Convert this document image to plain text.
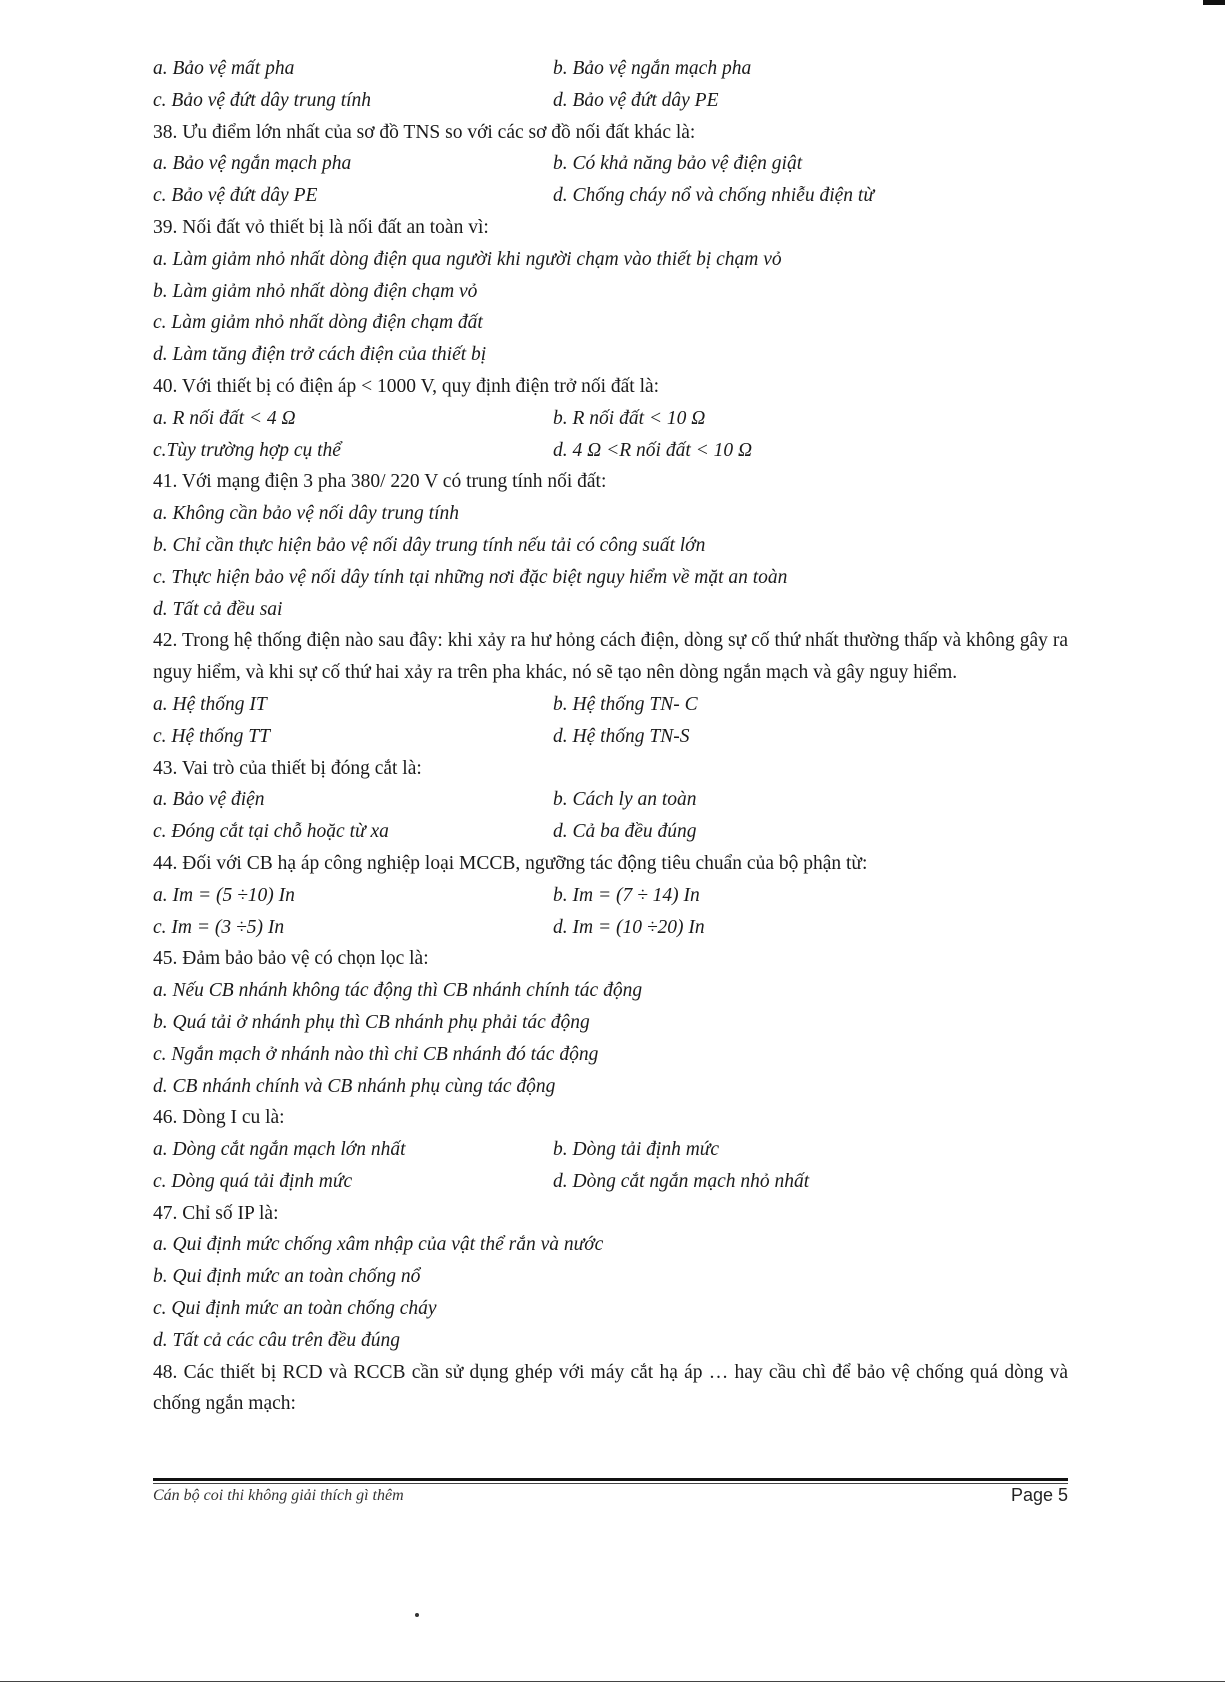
a. Bảo vệ mất pha	b. Bảo vệ ngắn mạch pha
c. Bảo vệ đứt dây trung tính	d. Bảo vệ đứt dây PE
38. Ưu điểm lớn nhất của sơ đồ TNS so với các sơ đồ nối đất khác là:
a. Bảo vệ ngắn mạch pha	b. Có khả năng bảo vệ điện giật
c. Bảo vệ đứt dây PE	d. Chống cháy nổ và chống nhiễu điện từ
39. Nối đất vỏ thiết bị là nối đất an toàn vì:
a. Làm giảm nhỏ nhất dòng điện qua người khi người chạm vào thiết bị chạm vỏ
b. Làm giảm nhỏ nhất dòng điện chạm vỏ
c. Làm giảm nhỏ nhất dòng điện chạm đất
d. Làm tăng điện trở cách điện của thiết bị
40. Với thiết bị có điện áp < 1000 V, quy định điện trở nối đất là:
a. R nối đất < 4 Ω	b. R nối đất < 10 Ω
c.Tùy trường hợp cụ thể	d. 4 Ω <R nối đất < 10 Ω
41. Với mạng điện 3 pha 380/ 220 V có trung tính nối đất:
a. Không cần bảo vệ nối dây trung tính
b. Chỉ cần thực hiện bảo vệ nối dây trung tính nếu tải có công suất lớn
c. Thực hiện bảo vệ nối dây tính tại những nơi đặc biệt nguy hiểm về mặt an toàn
d. Tất cả đều sai
42. Trong hệ thống điện nào sau đây: khi xảy ra hư hỏng cách điện, dòng sự cố thứ nhất thường thấp và không gây ra nguy hiểm, và khi sự cố thứ hai xảy ra trên pha khác, nó sẽ tạo nên dòng ngắn mạch và gây nguy hiểm.
a. Hệ thống IT	b. Hệ thống TN- C
c. Hệ thống TT	d. Hệ thống TN-S
43. Vai trò của thiết bị đóng cắt là:
a. Bảo vệ điện	b. Cách ly an toàn
c. Đóng cắt tại chỗ hoặc từ xa	d. Cả ba đều đúng
44. Đối với CB hạ áp công nghiệp loại MCCB, ngưỡng tác động tiêu chuẩn của bộ phận từ:
a. Im = (5 ÷10) In	b. Im = (7 ÷ 14) In
c. Im = (3 ÷5) In	d. Im = (10 ÷20) In
45. Đảm bảo bảo vệ có chọn lọc là:
a. Nếu CB nhánh không tác động thì CB nhánh chính tác động
b. Quá tải ở nhánh phụ thì CB nhánh phụ phải tác động
c. Ngắn mạch ở nhánh nào thì chỉ CB nhánh đó tác động
d. CB nhánh chính và CB nhánh phụ cùng tác động
46. Dòng I cu là:
a. Dòng cắt ngắn mạch lớn nhất	b. Dòng tải định mức
c. Dòng quá tải định mức	d. Dòng cắt ngắn mạch nhỏ nhất
47. Chỉ số IP là:
a. Qui định mức chống xâm nhập của vật thể rắn và nước
b. Qui định mức an toàn chống nổ
c. Qui định mức an toàn chống cháy
d. Tất cả các câu trên đều đúng
48. Các thiết bị RCD và RCCB cần sử dụng ghép với máy cắt hạ áp … hay cầu chì để bảo vệ chống quá dòng và chống ngắn mạch:
Cán bộ coi thi không giải thích gì thêm	Page 5
